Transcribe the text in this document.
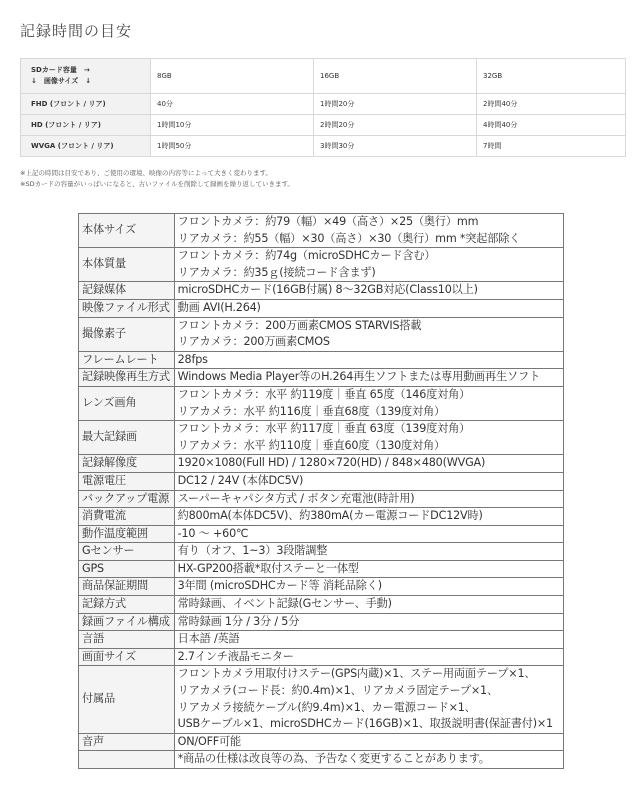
記録時間の目安
SDカード容量　→
↓　画像サイズ　↓	8GB	16GB	32GB
FHD (フロント / リア)	40分	1時間20分	2時間40分
HD (フロント / リア)	1時間10分	2時間20分	4時間40分
WVGA (フロント / リア)	1時間50分	3時間30分	7時間
※上記の時間は目安であり、ご使用の環境、映像の内容等によって大きく変わります。
※SDカードの容量がいっぱいになると、古いファイルを削除して録画を繰り返していきます。
本体サイズ	フロントカメラ：約79（幅）×49（高さ）×25（奥行）mm
リアカメラ：約55（幅）×30（高さ）×30（奥行）mm *突起部除く

本体質量	フロントカメラ：約74g（microSDHCカード含む）
リアカメラ：約35ｇ(接続コード含まず)

記録媒体	microSDHCカード(16GB付属) 8～32GB対応(Class10以上)

映像ファイル形式	動画 AVI(H.264)

撮像素子	フロントカメラ：200万画素CMOS STARVIS搭載
リアカメラ：200万画素CMOS

フレームレート	28fps

記録映像再生方式	Windows Media Player等のH.264再生ソフトまたは専用動画再生ソフト

レンズ画角	フロントカメラ：水平 約119度｜垂直 65度（146度対角）
リアカメラ：水平 約116度｜垂直68度（139度対角）

最大記録画	フロントカメラ：水平 約117度｜垂直 63度（139度対角）
リアカメラ：水平 約110度｜垂直60度（130度対角）

記録解像度	1920×1080(Full HD) / 1280×720(HD) / 848×480(WVGA)

電源電圧	DC12 / 24V (本体DC5V)

バックアップ電源	スーパーキャパシタ方式 / ボタン充電池(時計用)

消費電流	約800mA(本体DC5V)、約380mA(カー電源コードDC12V時)

動作温度範囲	-10 ～ +60℃

Gセンサー	有り（オフ、1~3）3段階調整

GPS	HX-GP200搭載*取付ステーと一体型

商品保証期間	3年間 (microSDHCカード等 消耗品除く)

記録方式	常時録画、イベント記録(Gセンサー、手動)

録画ファイル構成	常時録画 1分 / 3分 / 5分

言語	日本語 /英語

画面サイズ	2.7インチ液晶モニター

付属品	フロントカメラ用取付けステー(GPS内蔵)×1、ステー用両面テープ×1、
リアカメラ(コード長：約0.4m)×1、リアカメラ固定テープ×1、
リアカメラ接続ケーブル(約9.4m)×1、カー電源コード×1、
USBケーブル×1、microSDHCカード(16GB)×1、取扱説明書(保証書付)×1

音声	ON/OFF可能

	*商品の仕様は改良等の為、予告なく変更することがあります。
